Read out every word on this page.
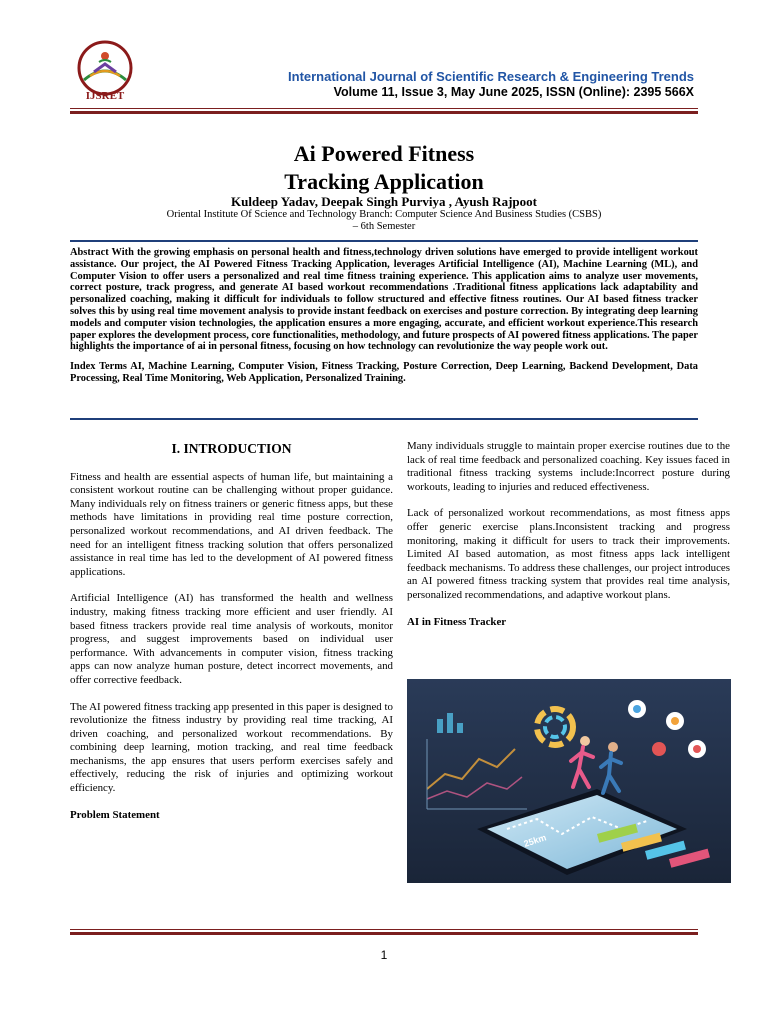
IJSRET
International Journal of Scientific Research & Engineering Trends
Volume 11, Issue 3, May June 2025, ISSN (Online): 2395 566X
Ai Powered Fitness
Tracking Application
Kuldeep Yadav, Deepak Singh Purviya , Ayush Rajpoot
Oriental Institute Of Science and Technology Branch: Computer Science And Business Studies (CSBS)
– 6th Semester

Abstract With the growing emphasis on personal health and fitness,technology driven solutions have emerged to provide intelligent workout assistance. Our project, the AI Powered Fitness Tracking Application, leverages Artificial Intelligence (AI), Machine Learning (ML), and Computer Vision to offer users a personalized and real time fitness training experience. This application aims to analyze user movements, correct posture, track progress, and generate AI based workout recommendations .Traditional fitness applications lack adaptability and personalized coaching, making it difficult for individuals to follow structured and effective fitness routines. Our AI based fitness tracker solves this by using real time movement analysis to provide instant feedback on exercises and posture correction. By integrating deep learning models and computer vision technologies, the application ensures a more engaging, accurate, and efficient workout experience.This research paper explores the development process, core functionalities, methodology, and future prospects of AI powered fitness applications. The paper highlights the importance of ai in personal fitness, focusing on how technology can revolutionize the way people work out.

Index Terms AI, Machine Learning, Computer Vision, Fitness Tracking, Posture Correction, Deep Learning, Backend Development, Data Processing, Real Time Monitoring, Web Application, Personalized Training.

I. INTRODUCTION

Fitness and health are essential aspects of human life, but maintaining a consistent workout routine can be challenging without proper guidance. Many individuals rely on fitness trainers or generic fitness apps, but these methods have limitations in providing real time posture correction, personalized workout recommendations, and AI driven feedback. The need for an intelligent fitness tracking solution that offers personalized assistance in real time has led to the development of AI powered fitness applications.

Artificial Intelligence (AI) has transformed the health and wellness industry, making fitness tracking more efficient and user friendly. AI based fitness trackers provide real time analysis of workouts, monitor progress, and suggest improvements based on individual user performance. With advancements in computer vision, fitness tracking apps can now analyze human posture, detect incorrect movements, and offer corrective feedback.

The AI powered fitness tracking app presented in this paper is designed to revolutionize the fitness industry by providing real time tracking, AI driven coaching, and personalized workout recommendations. By combining deep learning, motion tracking, and real time feedback mechanisms, the app ensures that users perform exercises safely and effectively, reducing the risk of injuries and optimizing workout efficiency.

Problem Statement

Many individuals struggle to maintain proper exercise routines due to the lack of real time feedback and personalized coaching. Key issues faced in traditional fitness tracking systems include:Incorrect posture during workouts, leading to injuries and reduced effectiveness.

Lack of personalized workout recommendations, as most fitness apps offer generic exercise plans.Inconsistent tracking and progress monitoring, making it difficult for users to track their improvements. Limited AI based automation, as most fitness apps lack intelligent feedback mechanisms. To address these challenges, our project introduces an AI powered fitness tracking system that provides real time analysis, personalized recommendations, and adaptive workout plans.

AI in Fitness Tracker

25km
1
